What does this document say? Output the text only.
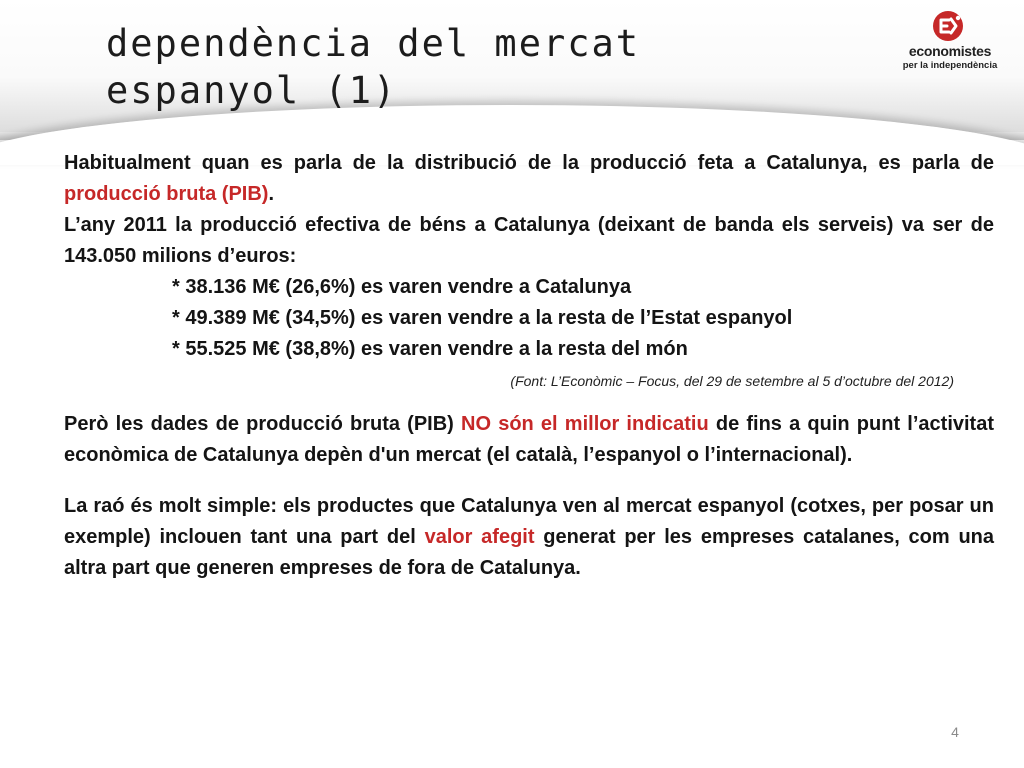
dependència del mercat espanyol (1)
economistes
per la independència

Habitualment quan es parla de la distribució de la producció feta a Catalunya, es parla de producció bruta (PIB).

L’any 2011 la producció efectiva de béns a Catalunya (deixant de banda els serveis) va ser de 143.050 milions d’euros:

* 38.136 M€ (26,6%) es varen vendre a Catalunya

* 49.389 M€ (34,5%) es varen vendre a la resta de l’Estat espanyol

* 55.525 M€ (38,8%) es varen vendre a la resta del món

(Font: L’Econòmic – Focus, del 29 de setembre al 5 d’octubre del 2012)

Però les dades de producció bruta (PIB) NO són el millor indicatiu de fins a quin punt l’activitat econòmica de Catalunya depèn d'un mercat (el català, l’espanyol o l’internacional).

La raó és molt simple: els productes que Catalunya ven al mercat espanyol (cotxes, per posar un exemple) inclouen tant una part del valor afegit generat per les empreses catalanes, com una altra part que generen empreses de fora de Catalunya.

4
